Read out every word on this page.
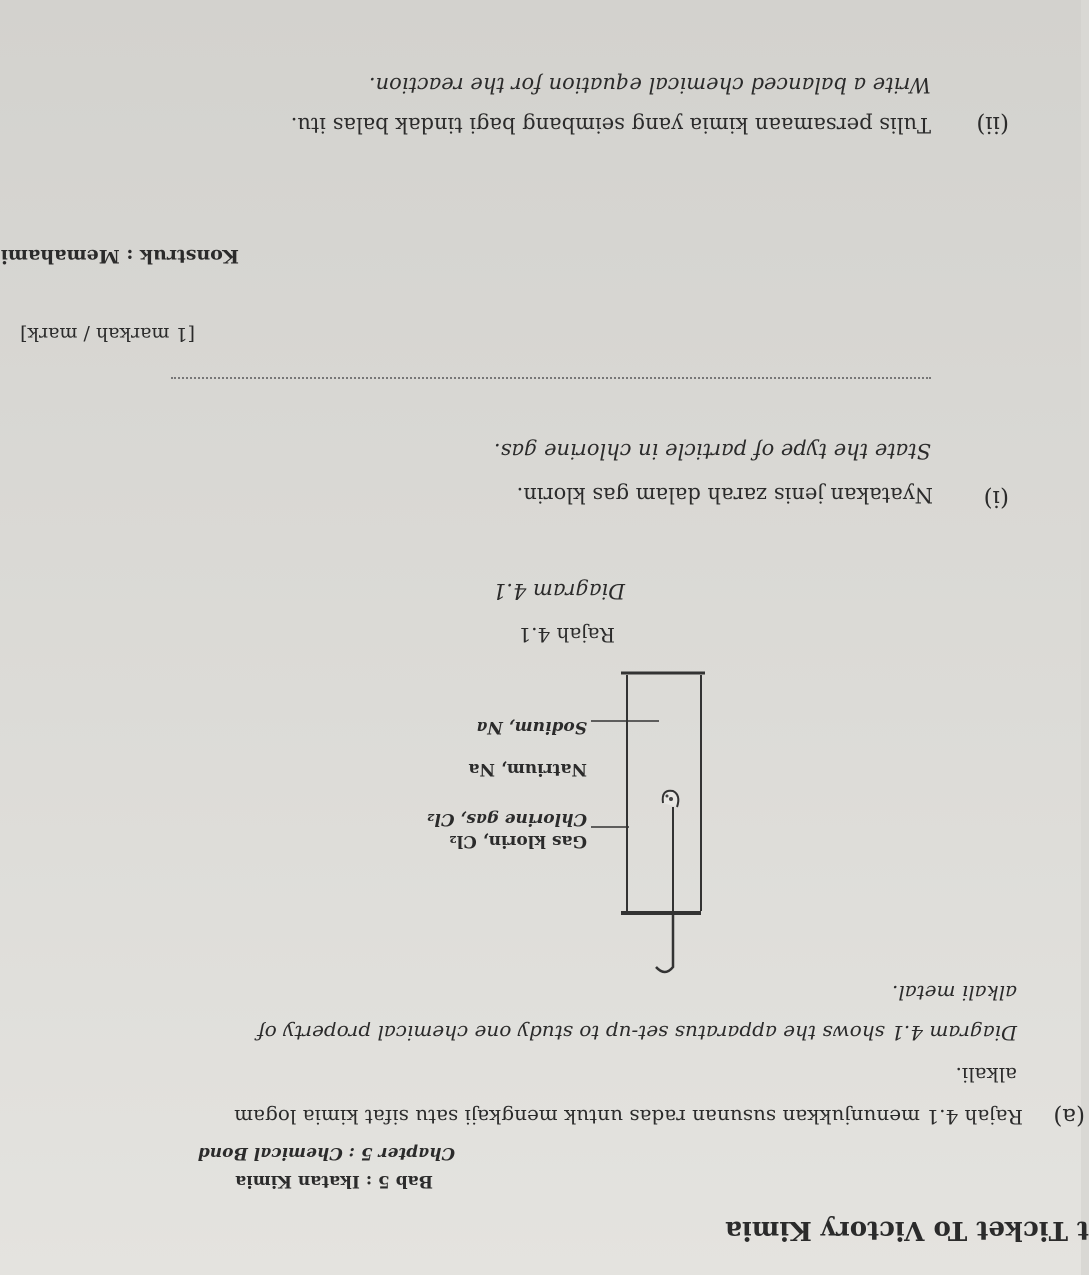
t Ticket To Victory Kimia
Bab 5 : Ikatan Kimia
Chapter 5 : Chemical Bond
(a)
Rajah 4.1 menunjukkan susunan radas untuk mengkaji satu sifat kimia logam
alkali.
Diagram 4.1 shows the apparatus set-up to study one chemical property of
alkali metal.
Gas klorin, Cl₂
Chlorine gas, Cl₂
Natrium, Na
Sodium, Na
Rajah 4.1
Diagram 4.1
(i)
Nyatakan jenis zarah dalam gas klorin.
State the type of particle in chlorine gas.
[1 markah / mark]
Konstruk : Memahami
(ii)
Tulis persamaan kimia yang seimbang bagi tindak balas itu.
Write a balanced chemical equation for the reaction.
